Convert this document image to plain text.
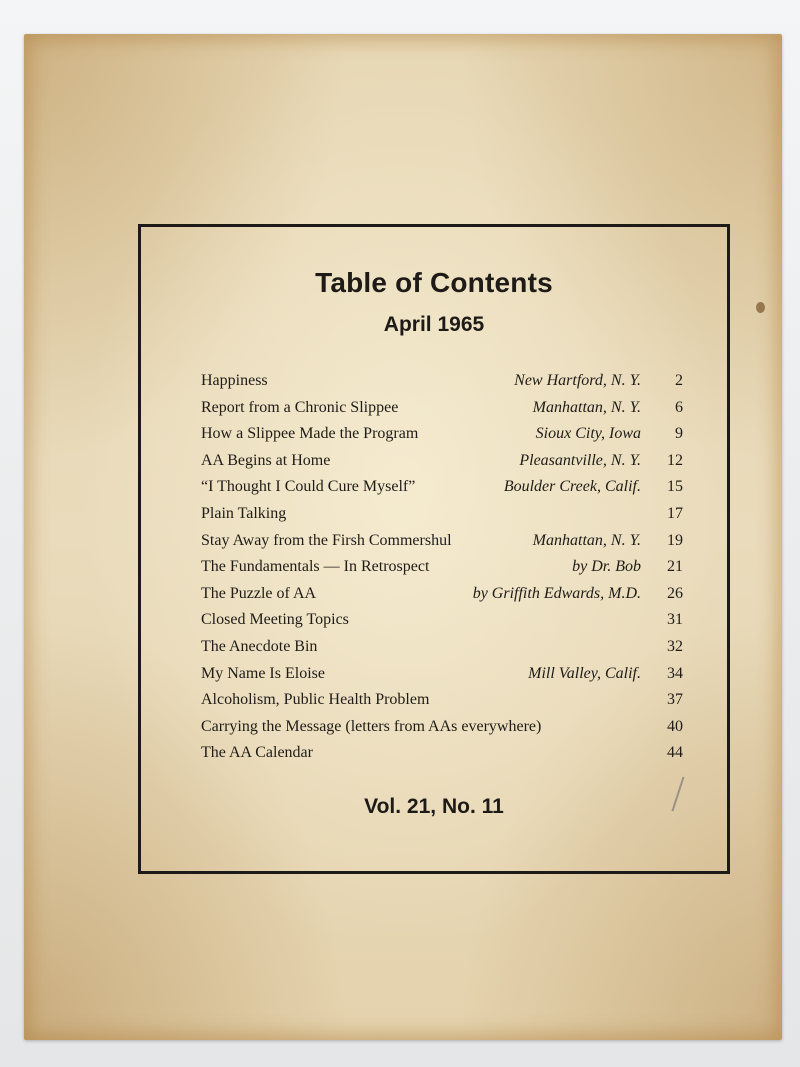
Table of Contents
April 1965
Happiness	New Hartford, N. Y.	2
Report from a Chronic Slippee	Manhattan, N. Y.	6
How a Slippee Made the Program	Sioux City, Iowa	9
AA Begins at Home	Pleasantville, N. Y.	12
“I Thought I Could Cure Myself”	Boulder Creek, Calif.	15
Plain Talking	17
Stay Away from the Firsh Commershul	Manhattan, N. Y.	19
The Fundamentals — In Retrospect	by Dr. Bob	21
The Puzzle of AA	by Griffith Edwards, M.D.	26
Closed Meeting Topics	31
The Anecdote Bin	32
My Name Is Eloise	Mill Valley, Calif.	34
Alcoholism, Public Health Problem	37
Carrying the Message (letters from AAs everywhere)	40
The AA Calendar	44
Vol. 21, No. 11
